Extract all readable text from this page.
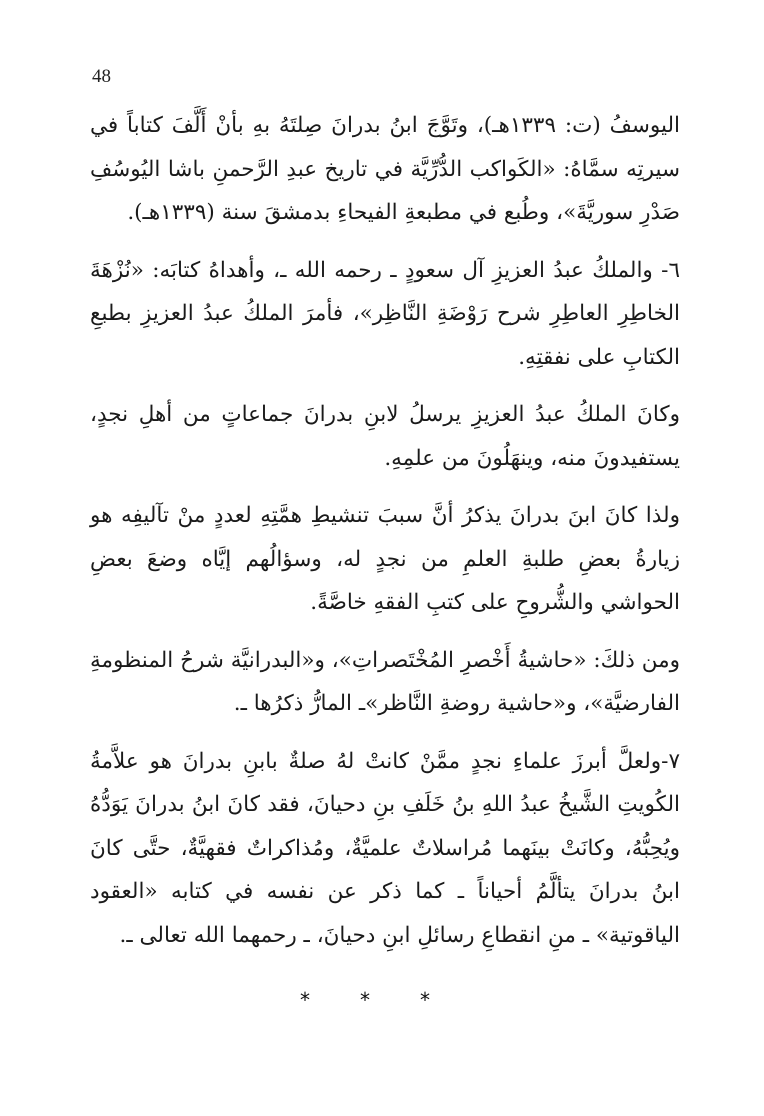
48

اليوسفُ (ت: ١٣٣٩هـ)، وتَوَّجَ ابنُ بدرانَ صِلتَهُ بهِ بأنْ أَلَّفَ كتاباً في سيرتِه سمَّاهُ: «الكَواكب الدُّرِّيَّة في تاريخ عبدِ الرَّحمنِ باشا اليُوسُفِ صَدْرِ سوريَّةَ»، وطُبع في مطبعةِ الفيحاءِ بدمشقَ سنة (١٣٣٩هـ).

٦- والملكُ عبدُ العزيزِ آل سعودٍ ـ رحمه الله ـ، وأهداهُ كتابَه: «نُزْهَةَ الخاطِرِ العاطِرِ شرح رَوْضَةِ النَّاظِر»، فأمرَ الملكُ عبدُ العزيزِ بطبعِ الكتابِ على نفقتِهِ.

وكانَ الملكُ عبدُ العزيزِ يرسلُ لابنِ بدرانَ جماعاتٍ من أهلِ نجدٍ، يستفيدونَ منه، وينهَلُونَ من علمِهِ.

ولذا كانَ ابنَ بدرانَ يذكرُ أنَّ سببَ تنشيطِ همَّتِهِ لعددٍ منْ تآليفِه هو زيارةُ بعضِ طلبةِ العلمِ من نجدٍ له، وسؤالُهم إيَّاه وضعَ بعضِ الحواشي والشُّروحِ على كتبِ الفقهِ خاصَّةً.

ومن ذلكَ: «حاشيةُ أَخْصرِ المُخْتَصراتِ»، و«البدرانيَّة شرحُ المنظومةِ الفارضيَّة»، و«حاشية روضةِ النَّاظر»ـ المارُّ ذكرُها ـ.

٧-ولعلَّ أبرزَ علماءِ نجدٍ ممَّنْ كانتْ لهُ صلةٌ بابنِ بدرانَ هو علاَّمةُ الكُويتِ الشَّيخُ عبدُ اللهِ بنُ خَلَفِ بنِ دحيانَ، فقد كانَ ابنُ بدرانَ يَوَدُّهُ ويُحِبُّهُ، وكانَتْ بينَهما مُراسلاتٌ علميَّةٌ، ومُذاكراتٌ فقهيَّةٌ، حتَّى كانَ ابنُ بدرانَ يتألَّمُ أحياناً ـ كما ذكر عن نفسه في كتابه «العقود الياقوتية» ـ منِ انقطاعِ رسائلِ ابنِ دحيانَ، ـ رحمهما الله تعالى ـ.

* * *
